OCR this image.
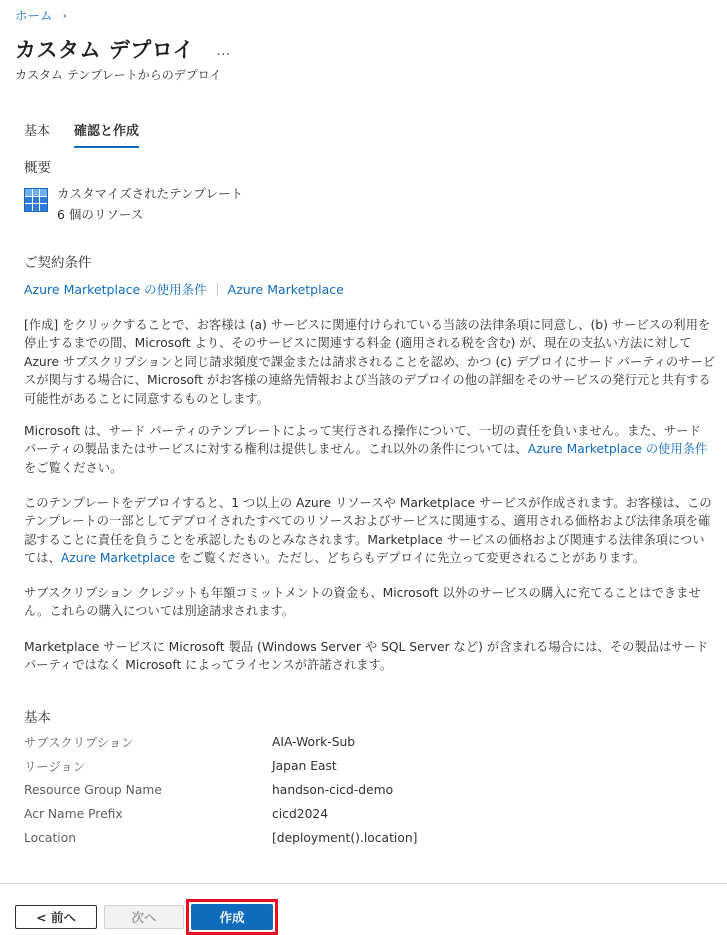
ホーム ›
カスタム デプロイ …
カスタム テンプレートからのデプロイ
基本 確認と作成
概要
カスタマイズされたテンプレート
6 個のリソース
ご契約条件
Azure Marketplace の使用条件 Azure Marketplace

[作成] をクリックすることで、お客様は (a) サービスに関連付けられている当該の法律条項に同意し、(b) サービスの利用を停止するまでの間、Microsoft より、そのサービスに関連する料金 (適用される税を含む) が、現在の支払い方法に対して Azure サブスクリプションと同じ請求頻度で課金または請求されることを認め、かつ (c) デプロイにサード パーティのサービスが関与する場合に、Microsoft がお客様の連絡先情報および当該のデプロイの他の詳細をそのサービスの発行元と共有する可能性があることに同意するものとします。

Microsoft は、サード パーティのテンプレートによって実行される操作について、一切の責任を負いません。また、サード パーティの製品またはサービスに対する権利は提供しません。これ以外の条件については、Azure Marketplace の使用条件 をご覧ください。

このテンプレートをデプロイすると、1 つ以上の Azure リソースや Marketplace サービスが作成されます。お客様は、このテンプレートの一部としてデプロイされたすべてのリソースおよびサービスに関連する、適用される価格および法律条項を確認することに責任を負うことを承認したものとみなされます。Marketplace サービスの価格および関連する法律条項については、Azure Marketplace をご覧ください。ただし、どちらもデプロイに先立って変更されることがあります。

サブスクリプション クレジットも年額コミットメントの資金も、Microsoft 以外のサービスの購入に充てることはできません。これらの購入については別途請求されます。

Marketplace サービスに Microsoft 製品 (Windows Server や SQL Server など) が含まれる場合には、その製品はサード パーティではなく Microsoft によってライセンスが許諾されます。

基本
サブスクリプション	AIA-Work-Sub
リージョン	Japan East
Resource Group Name	handson-cicd-demo
Acr Name Prefix	cicd2024
Location	[deployment().location]
< 前へ	次へ	作成
